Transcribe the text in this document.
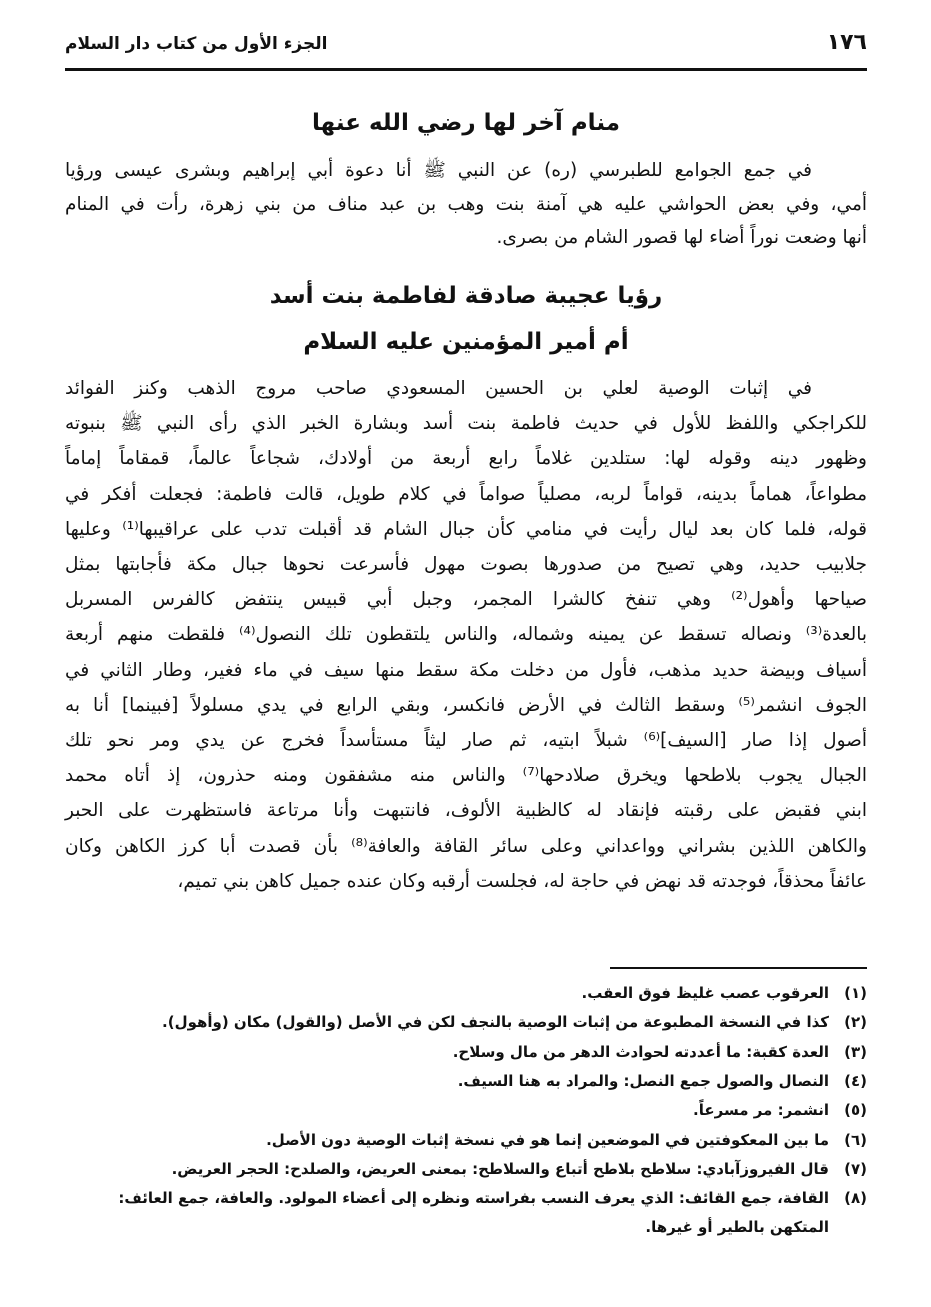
١٧٦
الجزء الأول من كتاب دار السلام
منام آخر لها رضي الله عنها
في جمع الجوامع للطبرسي (ره) عن النبي ﷺ أنا دعوة أبي إبراهيم وبشرى عيسى ورؤيا
أمي، وفي بعض الحواشي عليه هي آمنة بنت وهب بن عبد مناف من بني زهرة، رأت في المنام
أنها وضعت نوراً أضاء لها قصور الشام من بصرى.
رؤيا عجيبة صادقة لفاطمة بنت أسد
أم أمير المؤمنين عليه السلام
في إثبات الوصية لعلي بن الحسين المسعودي صاحب مروج الذهب وكنز الفوائد
للكراجكي واللفظ للأول في حديث فاطمة بنت أسد وبشارة الخبر الذي رأى النبي ﷺ بنبوته
وظهور دينه وقوله لها: ستلدين غلاماً رابع أربعة من أولادك، شجاعاً عالماً، قمقاماً إماماً
مطواعاً، هماماً بدينه، قواماً لربه، مصلياً صواماً في كلام طويل، قالت فاطمة: فجعلت أفكر في
قوله، فلما كان بعد ليال رأيت في منامي كأن جبال الشام قد أقبلت تدب على عراقيبها⁽¹⁾ وعليها
جلابيب حديد، وهي تصيح من صدورها بصوت مهول فأسرعت نحوها جبال مكة فأجابتها بمثل
صياحها وأهول⁽²⁾ وهي تنفخ كالشرا المجمر، وجبل أبي قبيس ينتفض كالفرس المسربل
بالعدة⁽³⁾ ونصاله تسقط عن يمينه وشماله، والناس يلتقطون تلك النصول⁽⁴⁾ فلقطت منهم أربعة
أسياف وبيضة حديد مذهب، فأول من دخلت مكة سقط منها سيف في ماء فغير، وطار الثاني في
الجوف انشمر⁽⁵⁾ وسقط الثالث في الأرض فانكسر، وبقي الرابع في يدي مسلولاً [فبينما] أنا به
أصول إذا صار [السيف]⁽⁶⁾ شبلاً ابتيه، ثم صار ليثاً مستأسداً فخرج عن يدي ومر نحو تلك
الجبال يجوب بلاطحها ويخرق صلادحها⁽⁷⁾ والناس منه مشفقون ومنه حذرون، إذ أتاه محمد
ابني فقبض على رقبته فإنقاد له كالظبية الألوف، فانتبهت وأنا مرتاعة فاستظهرت على الحبر
والكاهن اللذين بشراني وواعداني وعلى سائر القافة والعافة⁽⁸⁾ بأن قصدت أبا كرز الكاهن وكان
عائفاً محذقاً، فوجدته قد نهض في حاجة له، فجلست أرقبه وكان عنده جميل كاهن بني تميم،
(١)العرقوب عصب غليظ فوق العقب.
(٢)كذا في النسخة المطبوعة من إثبات الوصية بالنجف لكن في الأصل (والقول) مكان (وأهول).
(٣)العدة كقبة: ما أعددته لحوادث الدهر من مال وسلاح.
(٤)النصال والصول جمع النصل: والمراد به هنا السيف.
(٥)انشمر: مر مسرعاً.
(٦)ما بين المعكوفتين في الموضعين إنما هو في نسخة إثبات الوصية دون الأصل.
(٧)قال الفيروزآبادي: سلاطح بلاطح أتباع والسلاطح: بمعنى العريض، والصلدح: الحجر العريض.
(٨)القافة، جمع القائف: الذي يعرف النسب بفراسته ونظره إلى أعضاء المولود. والعافة، جمع العائف:
المتكهن بالطير أو غيرها.
